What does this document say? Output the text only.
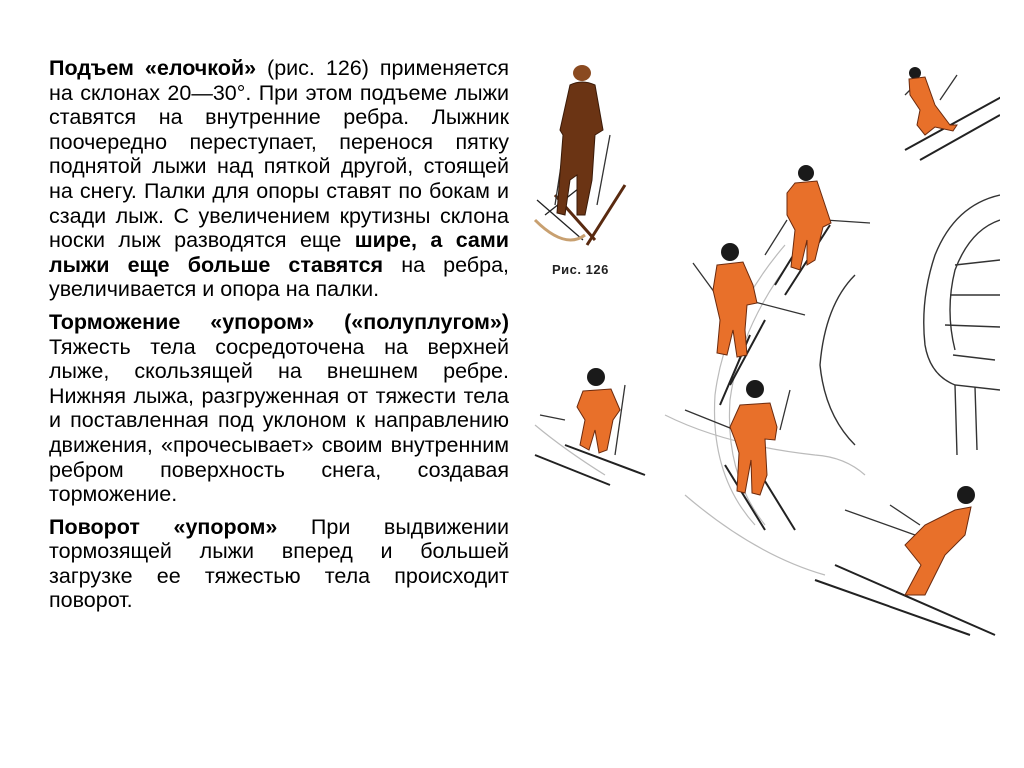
Подъем «елочкой» (рис. 126) применяется на склонах 20—30°. При этом подъеме лыжи ставятся на внутренние ребра. Лыжник поочередно переступает, перенося пятку поднятой лыжи над пяткой другой, стоящей на снегу. Палки для опоры ставят по бокам и сзади лыж. С увеличением крутизны склона носки лыж разводятся еще шире, а сами лыжи еще больше ставятся на ребра, увеличивается и опора на палки.

Торможение «упором» («полуплугом») Тяжесть тела сосредоточена на верхней лыже, скользящей на внешнем ребре. Нижняя лыжа, разгруженная от тяжести тела и поставленная под уклоном к направлению движения, «прочесывает» своим внутренним ребром поверхность снега, создавая торможение.

Поворот «упором» При выдвижении тормозящей лыжи вперед и большей загрузке ее тяжестью тела происходит поворот.

Рис. 126
